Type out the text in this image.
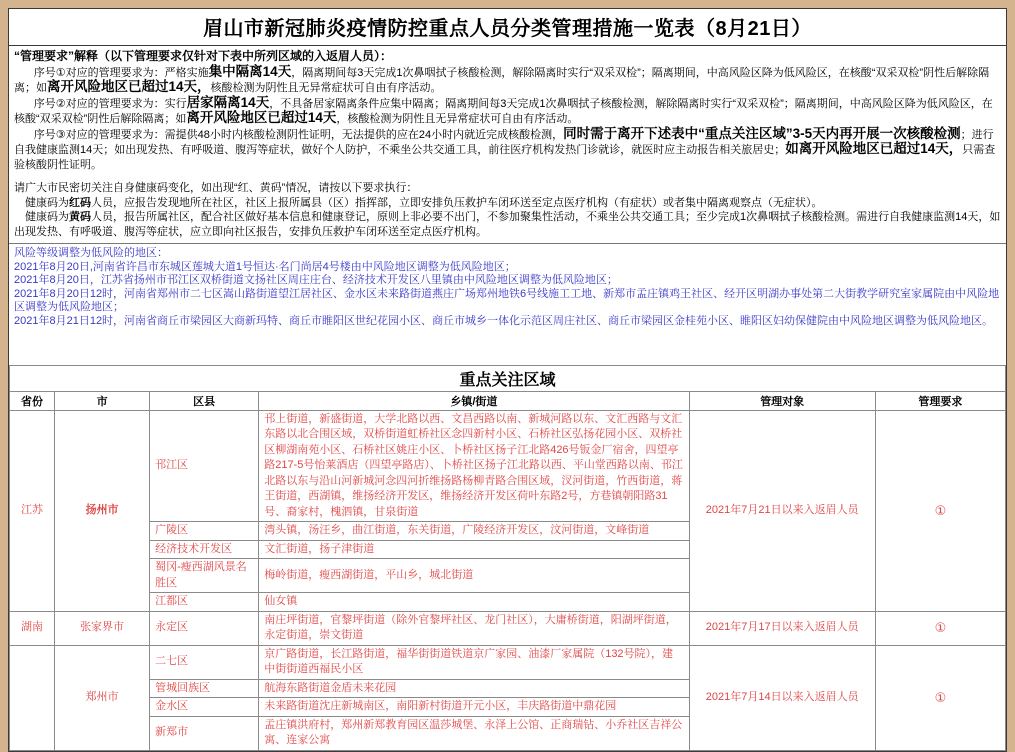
眉山市新冠肺炎疫情防控重点人员分类管理措施一览表（8月21日）

“管理要求”解释（以下管理要求仅针对下表中所列区域的入返眉人员）：

序号①对应的管理要求为：严格实施集中隔离14天，隔离期间每3天完成1次鼻咽拭子核酸检测，解除隔离时实行“双采双检”；隔离期间，中高风险区降为低风险区，在核酸“双采双检”阴性后解除隔离；如离开风险地区已超过14天，核酸检测为阴性且无异常症状可自由有序活动。

序号②对应的管理要求为：实行居家隔离14天，不具备居家隔离条件应集中隔离；隔离期间每3天完成1次鼻咽拭子核酸检测，解除隔离时实行“双采双检”；隔离期间，中高风险区降为低风险区，在核酸“双采双检”阴性后解除隔离；如离开风险地区已超过14天，核酸检测为阴性且无异常症状可自由有序活动。

序号③对应的管理要求为：需提供48小时内核酸检测阴性证明，无法提供的应在24小时内就近完成核酸检测，同时需于离开下述表中“重点关注区域”3-5天内再开展一次核酸检测；进行自我健康监测14天；如出现发热、有呼吸道、腹泻等症状，做好个人防护，不乘坐公共交通工具，前往医疗机构发热门诊就诊，就医时应主动报告相关旅居史；如离开风险地区已超过14天，只需查验核酸阴性证明。

请广大市民密切关注自身健康码变化，如出现“红、黄码”情况，请按以下要求执行：

健康码为红码人员，应报告发现地所在社区，社区上报所属县（区）指挥部，立即安排负压救护车闭环送至定点医疗机构（有症状）或者集中隔离观察点（无症状）。

健康码为黄码人员，报告所属社区，配合社区做好基本信息和健康登记，原则上非必要不出门，不参加聚集性活动，不乘坐公共交通工具；至少完成1次鼻咽拭子核酸检测。需进行自我健康监测14天，如出现发热、有呼吸道、腹泻等症状，应立即向社区报告，安排负压救护车闭环送至定点医疗机构。

风险等级调整为低风险的地区：

2021年8月20日,河南省许昌市东城区莲城大道1号恒达·名门尚居4号楼由中风险地区调整为低风险地区；

2021年8月20日，江苏省扬州市邗江区双桥街道文扬社区周庄庄台、经济技术开发区八里镇由中风险地区调整为低风险地区；

2021年8月20日12时，河南省郑州市二七区嵩山路街道望江居社区、金水区未来路街道燕庄广场郑州地铁6号线施工工地、新郑市孟庄镇鸡王社区、经开区明湖办事处第二大街教学研究室家属院由中风险地区调整为低风险地区；

2021年8月21日12时，河南省商丘市梁园区大商新玛特、商丘市睢阳区世纪花园小区、商丘市城乡一体化示范区周庄社区、商丘市梁园区金桂苑小区、睢阳区妇幼保健院由中风险地区调整为低风险地区。

重点关注区域					
省份	市	区县	乡镇/街道	管理对象	管理要求
江苏	扬州市	邗江区	邗上街道，新盛街道，大学北路以西、文昌西路以南、新城河路以东、文汇西路与文汇东路以北合围区域，双桥街道虹桥社区念四新村小区、石桥社区弘扬花园小区、双桥社区柳湖南苑小区、石桥社区姚庄小区、卜桥社区扬子江北路426号钣金厂宿舍，四望亭路217-5号怡莱酒店（四望亭路店）、卜桥社区扬子江北路以西、平山堂西路以南、邗江北路以东与沿山河新城河念四河折维扬路杨柳青路合围区域，汊河街道，竹西街道，蒋王街道，西湖镇，维扬经济开发区，维扬经济开发区荷叶东路2号，方巷镇朝阳路31号、裔家村，槐泗镇，甘泉街道	2021年7月21日以来入返眉人员	①
		广陵区	湾头镇，汤汪乡，曲江街道，东关街道，广陵经济开发区，汶河街道，文峰街道		
		经济技术开发区	文汇街道，扬子津街道		
		蜀冈-瘦西湖风景名胜区	梅岭街道，瘦西湖街道，平山乡，城北街道		
		江都区	仙女镇		
湖南	张家界市	永定区	南庄坪街道，官黎坪街道（除外官黎坪社区、龙门社区），大庸桥街道，阳湖坪街道，永定街道，崇文街道	2021年7月17日以来入返眉人员	①
	郑州市	二七区	京广路街道，长江路街道，福华街街道铁道京广家园、油漆厂家属院（132号院），建中街街道西福民小区	2021年7月14日以来入返眉人员	①
		管城回族区	航海东路街道金盾未来花园		
		金水区	未来路街道沈庄新城南区，南阳新村街道开元小区，丰庆路街道中鼎花园		
		新郑市	孟庄镇洪府村，郑州新郑教育园区温莎城堡、永泽上公馆、正商瑞钻、小乔社区吉祥公寓、连家公寓		
